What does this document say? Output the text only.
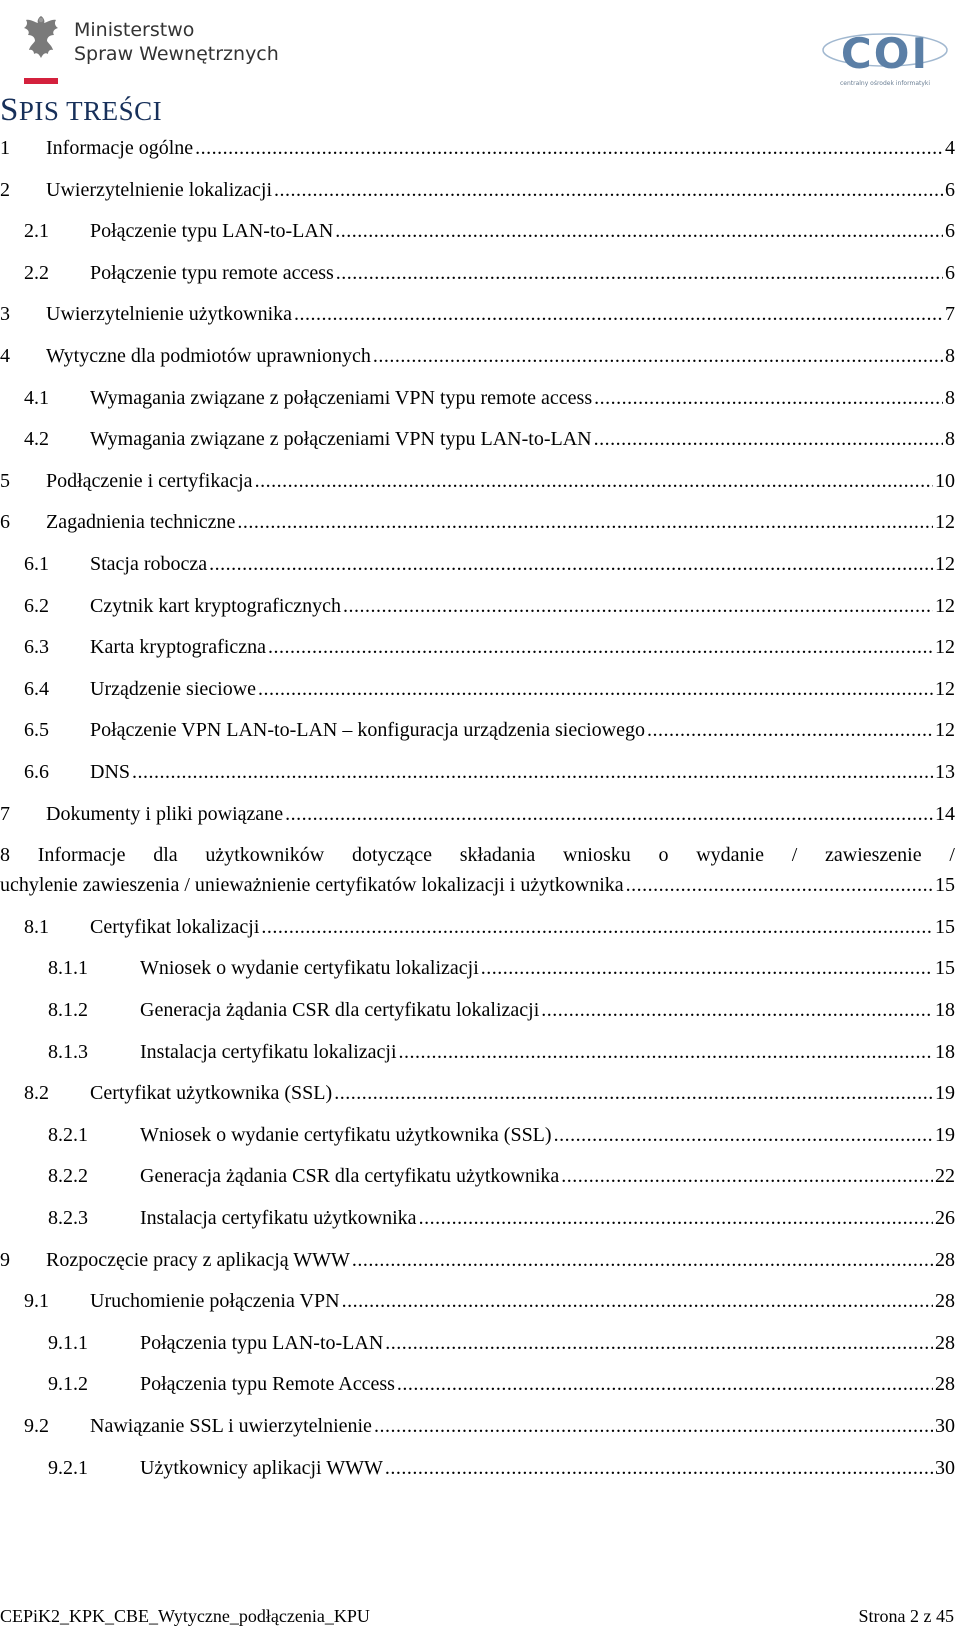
Ministerstwo
Spraw Wewnętrznych	COI
centralny ośrodek informatyki
SPIS TREŚCI
1	Informacje ogólne .....	4
2	Uwierzytelnienie lokalizacji .....	6
2.1	Połączenie typu LAN-to-LAN .....	6
2.2	Połączenie typu remote access .....	6
3	Uwierzytelnienie użytkownika .....	7
4	Wytyczne dla podmiotów uprawnionych .....	8
4.1	Wymagania związane z połączeniami VPN typu remote access .....	8
4.2	Wymagania związane z połączeniami VPN typu LAN-to-LAN .....	8
5	Podłączenie i certyfikacja .....	10
6	Zagadnienia techniczne .....	12
6.1	Stacja robocza .....	12
6.2	Czytnik kart kryptograficznych .....	12
6.3	Karta kryptograficzna .....	12
6.4	Urządzenie sieciowe .....	12
6.5	Połączenie VPN LAN-to-LAN – konfiguracja urządzenia sieciowego .....	12
6.6	DNS .....	13
7	Dokumenty i pliki powiązane .....	14
8 Informacje dla użytkowników dotyczące składania wniosku o wydanie / zawieszenie /
uchylenie zawieszenia / unieważnienie certyfikatów lokalizacji i użytkownika .....	15
8.1	Certyfikat lokalizacji .....	15
8.1.1	Wniosek o wydanie certyfikatu lokalizacji .....	15
8.1.2	Generacja żądania CSR dla certyfikatu lokalizacji .....	18
8.1.3	Instalacja certyfikatu lokalizacji .....	18
8.2	Certyfikat użytkownika (SSL) .....	19
8.2.1	Wniosek o wydanie certyfikatu użytkownika (SSL) .....	19
8.2.2	Generacja żądania CSR dla certyfikatu użytkownika .....	22
8.2.3	Instalacja certyfikatu użytkownika .....	26
9	Rozpoczęcie pracy z aplikacją WWW .....	28
9.1	Uruchomienie połączenia VPN .....	28
9.1.1	Połączenia typu LAN-to-LAN .....	28
9.1.2	Połączenia typu Remote Access .....	28
9.2	Nawiązanie SSL i uwierzytelnienie .....	30
9.2.1	Użytkownicy aplikacji WWW .....	30
CEPiK2_KPK_CBE_Wytyczne_podłączenia_KPU	Strona 2 z 45
